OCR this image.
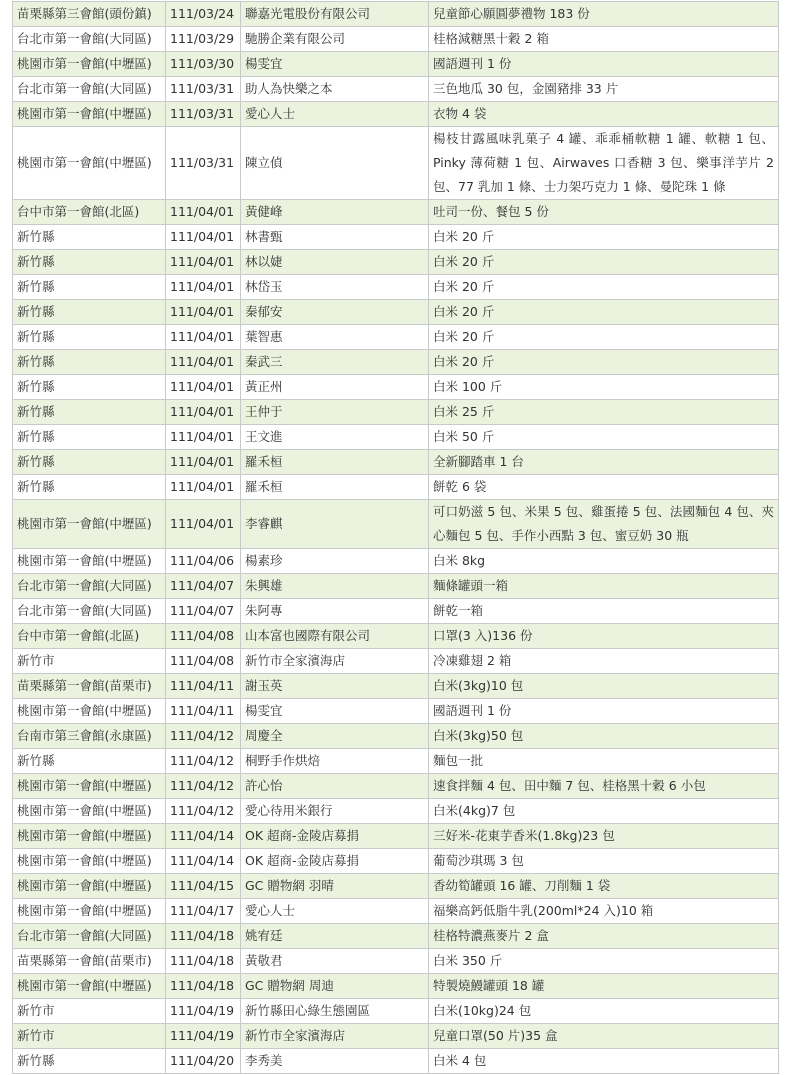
苗栗縣第三會館(頭份鎮)	111/03/24	聯嘉光電股份有限公司	兒童節心願圓夢禮物 183 份
台北市第一會館(大同區)	111/03/29	馳勝企業有限公司	桂格減糖黑十穀 2 箱
桃園市第一會館(中壢區)	111/03/30	楊雯宜	國語週刊 1 份
台北市第一會館(大同區)	111/03/31	助人為快樂之本	三色地瓜 30 包，金園豬排 33 片
桃園市第一會館(中壢區)	111/03/31	愛心人士	衣物 4 袋
桃園市第一會館(中壢區)	111/03/31	陳立偵	楊枝甘露風味乳菓子 4 罐、乖乖桶軟糖 1 罐、軟糖 1 包、Pinky 薄荷糖 1 包、Airwaves 口香糖 3 包、樂事洋芋片 2 包、77 乳加 1 條、士力架巧克力 1 條、曼陀珠 1 條
台中市第一會館(北區)	111/04/01	黃健峰	吐司一份、餐包 5 份
新竹縣	111/04/01	林書甄	白米 20 斤
新竹縣	111/04/01	林以婕	白米 20 斤
新竹縣	111/04/01	林岱玉	白米 20 斤
新竹縣	111/04/01	秦郁安	白米 20 斤
新竹縣	111/04/01	葉智惠	白米 20 斤
新竹縣	111/04/01	秦武三	白米 20 斤
新竹縣	111/04/01	黃正州	白米 100 斤
新竹縣	111/04/01	王仲于	白米 25 斤
新竹縣	111/04/01	王文進	白米 50 斤
新竹縣	111/04/01	羅禾桓	全新腳踏車 1 台
新竹縣	111/04/01	羅禾桓	餅乾 6 袋
桃園市第一會館(中壢區)	111/04/01	李睿麒	可口奶滋 5 包、米果 5 包、雞蛋捲 5 包、法國麵包 4 包、夾心麵包 5 包、手作小西點 3 包、蜜豆奶 30 瓶
桃園市第一會館(中壢區)	111/04/06	楊素珍	白米 8kg
台北市第一會館(大同區)	111/04/07	朱興雄	麵條罐頭一箱
台北市第一會館(大同區)	111/04/07	朱阿專	餅乾一箱
台中市第一會館(北區)	111/04/08	山本富也國際有限公司	口罩(3 入)136 份
新竹市	111/04/08	新竹市全家濱海店	冷凍雞翅 2 箱
苗栗縣第一會館(苗栗市)	111/04/11	謝玉英	白米(3kg)10 包
桃園市第一會館(中壢區)	111/04/11	楊雯宜	國語週刊 1 份
台南市第三會館(永康區)	111/04/12	周慶全	白米(3kg)50 包
新竹縣	111/04/12	桐野手作烘焙	麵包一批
桃園市第一會館(中壢區)	111/04/12	許心怡	速食拌麵 4 包、田中麵 7 包、桂格黑十穀 6 小包
桃園市第一會館(中壢區)	111/04/12	愛心待用米銀行	白米(4kg)7 包
桃園市第一會館(中壢區)	111/04/14	OK 超商-金陵店募捐	三好米-花東芋香米(1.8kg)23 包
桃園市第一會館(中壢區)	111/04/14	OK 超商-金陵店募捐	葡萄沙琪瑪 3 包
桃園市第一會館(中壢區)	111/04/15	GC 贈物網 羽晴	香幼筍罐頭 16 罐、刀削麵 1 袋
桃園市第一會館(中壢區)	111/04/17	愛心人士	福樂高鈣低脂牛乳(200ml*24 入)10 箱
台北市第一會館(大同區)	111/04/18	姚宥廷	桂格特濃燕麥片 2 盒
苗栗縣第一會館(苗栗市)	111/04/18	黃敬君	白米 350 斤
桃園市第一會館(中壢區)	111/04/18	GC 贈物網 周迪	特製燒鰻罐頭 18 罐
新竹市	111/04/19	新竹縣田心綠生態園區	白米(10kg)24 包
新竹市	111/04/19	新竹市全家濱海店	兒童口罩(50 片)35 盒
新竹縣	111/04/20	李秀美	白米 4 包
